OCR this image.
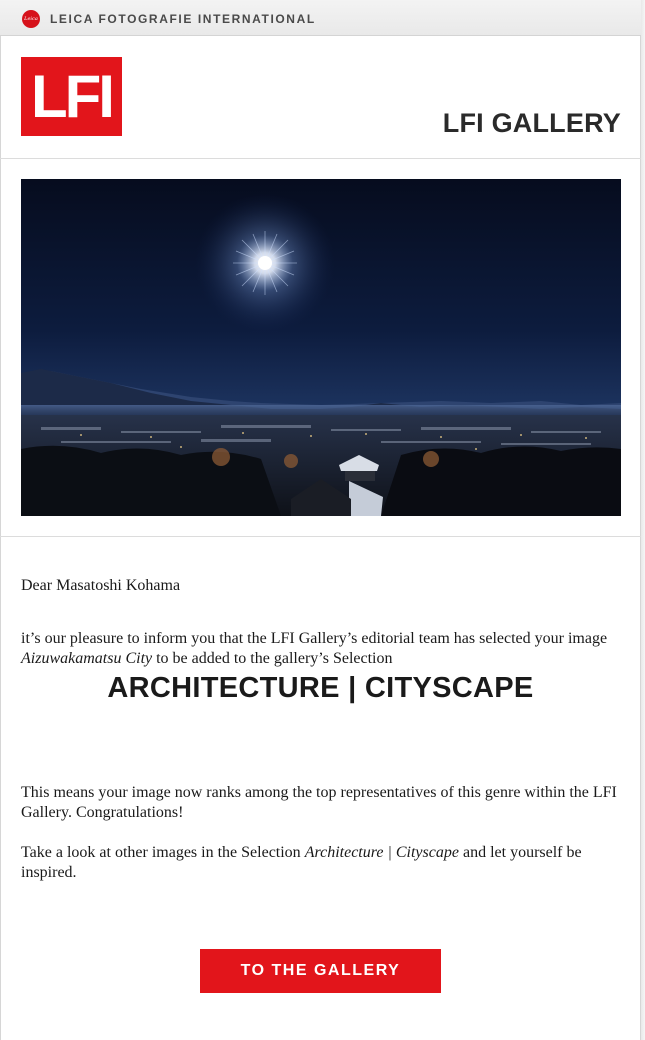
Leica LEICA FOTOGRAFIE INTERNATIONAL
LFI	LFI GALLERY
Dear Masatoshi Kohama

it’s our pleasure to inform you that the LFI Gallery’s editorial team has selected your image Aizuwakamatsu City to be added to the gallery’s Selection

ARCHITECTURE | CITYSCAPE

This means your image now ranks among the top representatives of this genre within the LFI Gallery. Congratulations!

Take a look at other images in the Selection Architecture | Cityscape and let yourself be inspired.

TO THE GALLERY
